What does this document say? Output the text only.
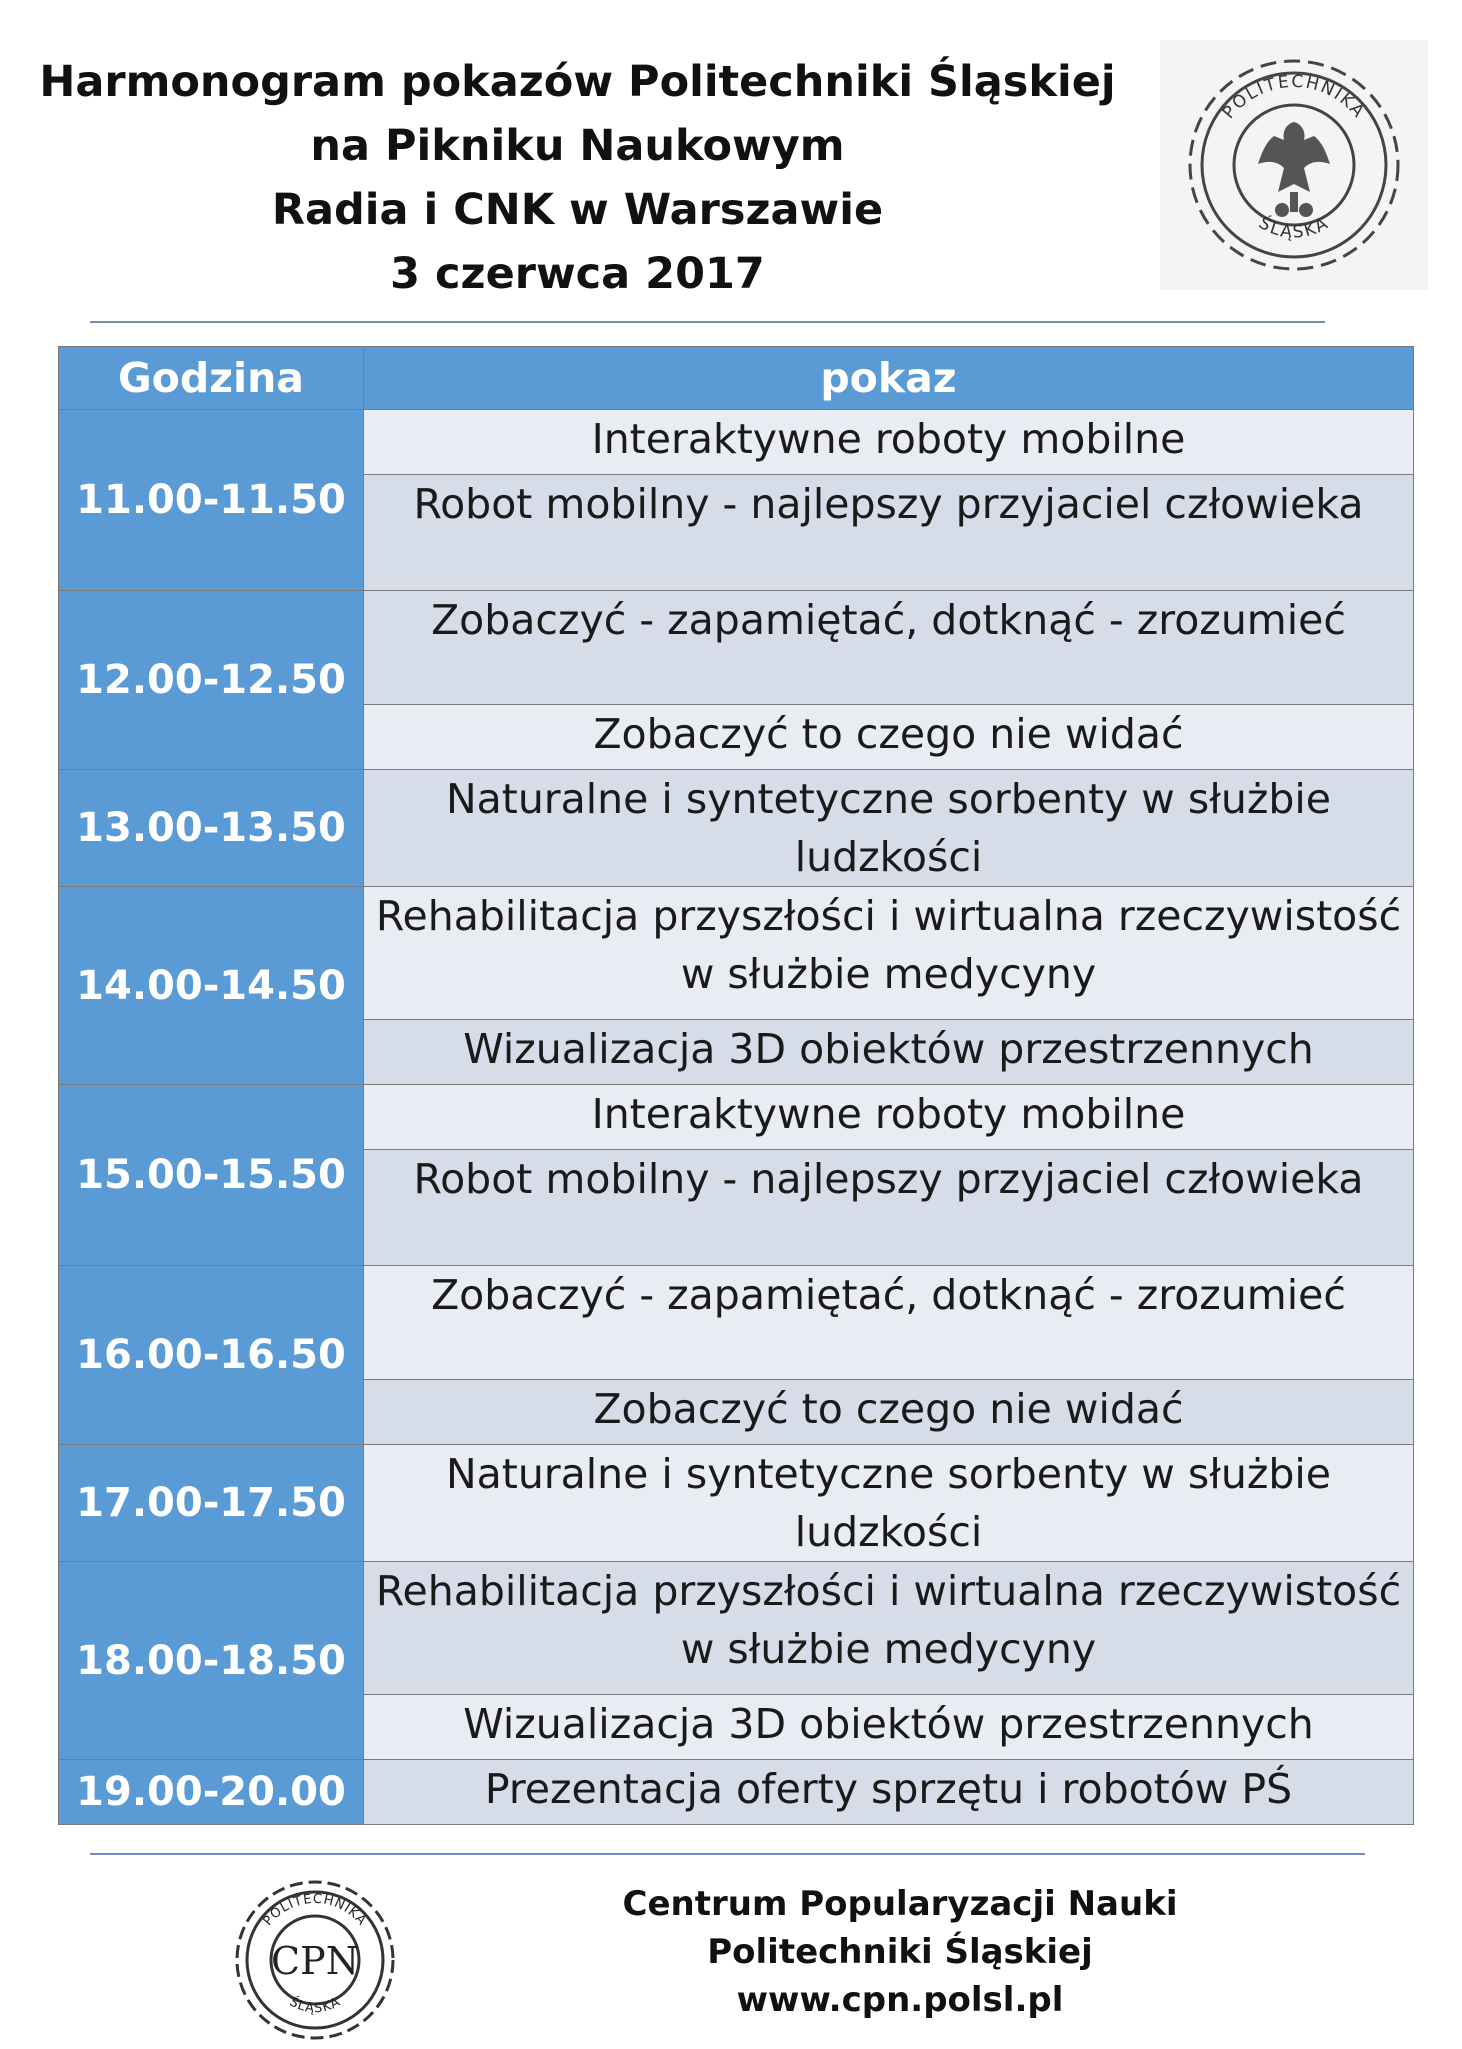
Harmonogram pokazów Politechniki Śląskiej
na Pikniku Naukowym
Radia i CNK w Warszawie
3 czerwca 2017
POLITECHNIKA
ŚLĄSKA
Godzina	pokaz
11.00-11.50	Interaktywne roboty mobilne
	Robot mobilny - najlepszy przyjaciel człowieka
12.00-12.50	Zobaczyć - zapamiętać, dotknąć - zrozumieć
	Zobaczyć to czego nie widać
13.00-13.50	Naturalne i syntetyczne sorbenty w służbie ludzkości
14.00-14.50	Rehabilitacja przyszłości i wirtualna rzeczywistość w służbie medycyny
	Wizualizacja 3D obiektów przestrzennych
15.00-15.50	Interaktywne roboty mobilne
	Robot mobilny - najlepszy przyjaciel człowieka
16.00-16.50	Zobaczyć - zapamiętać, dotknąć - zrozumieć
	Zobaczyć to czego nie widać
17.00-17.50	Naturalne i syntetyczne sorbenty w służbie ludzkości
18.00-18.50	Rehabilitacja przyszłości i wirtualna rzeczywistość w służbie medycyny
	Wizualizacja 3D obiektów przestrzennych
19.00-20.00	Prezentacja oferty sprzętu i robotów PŚ
POLITECHNIKA
ŚLĄSKA
CPN
Centrum Popularyzacji Nauki
Politechniki Śląskiej
www.cpn.polsl.pl
